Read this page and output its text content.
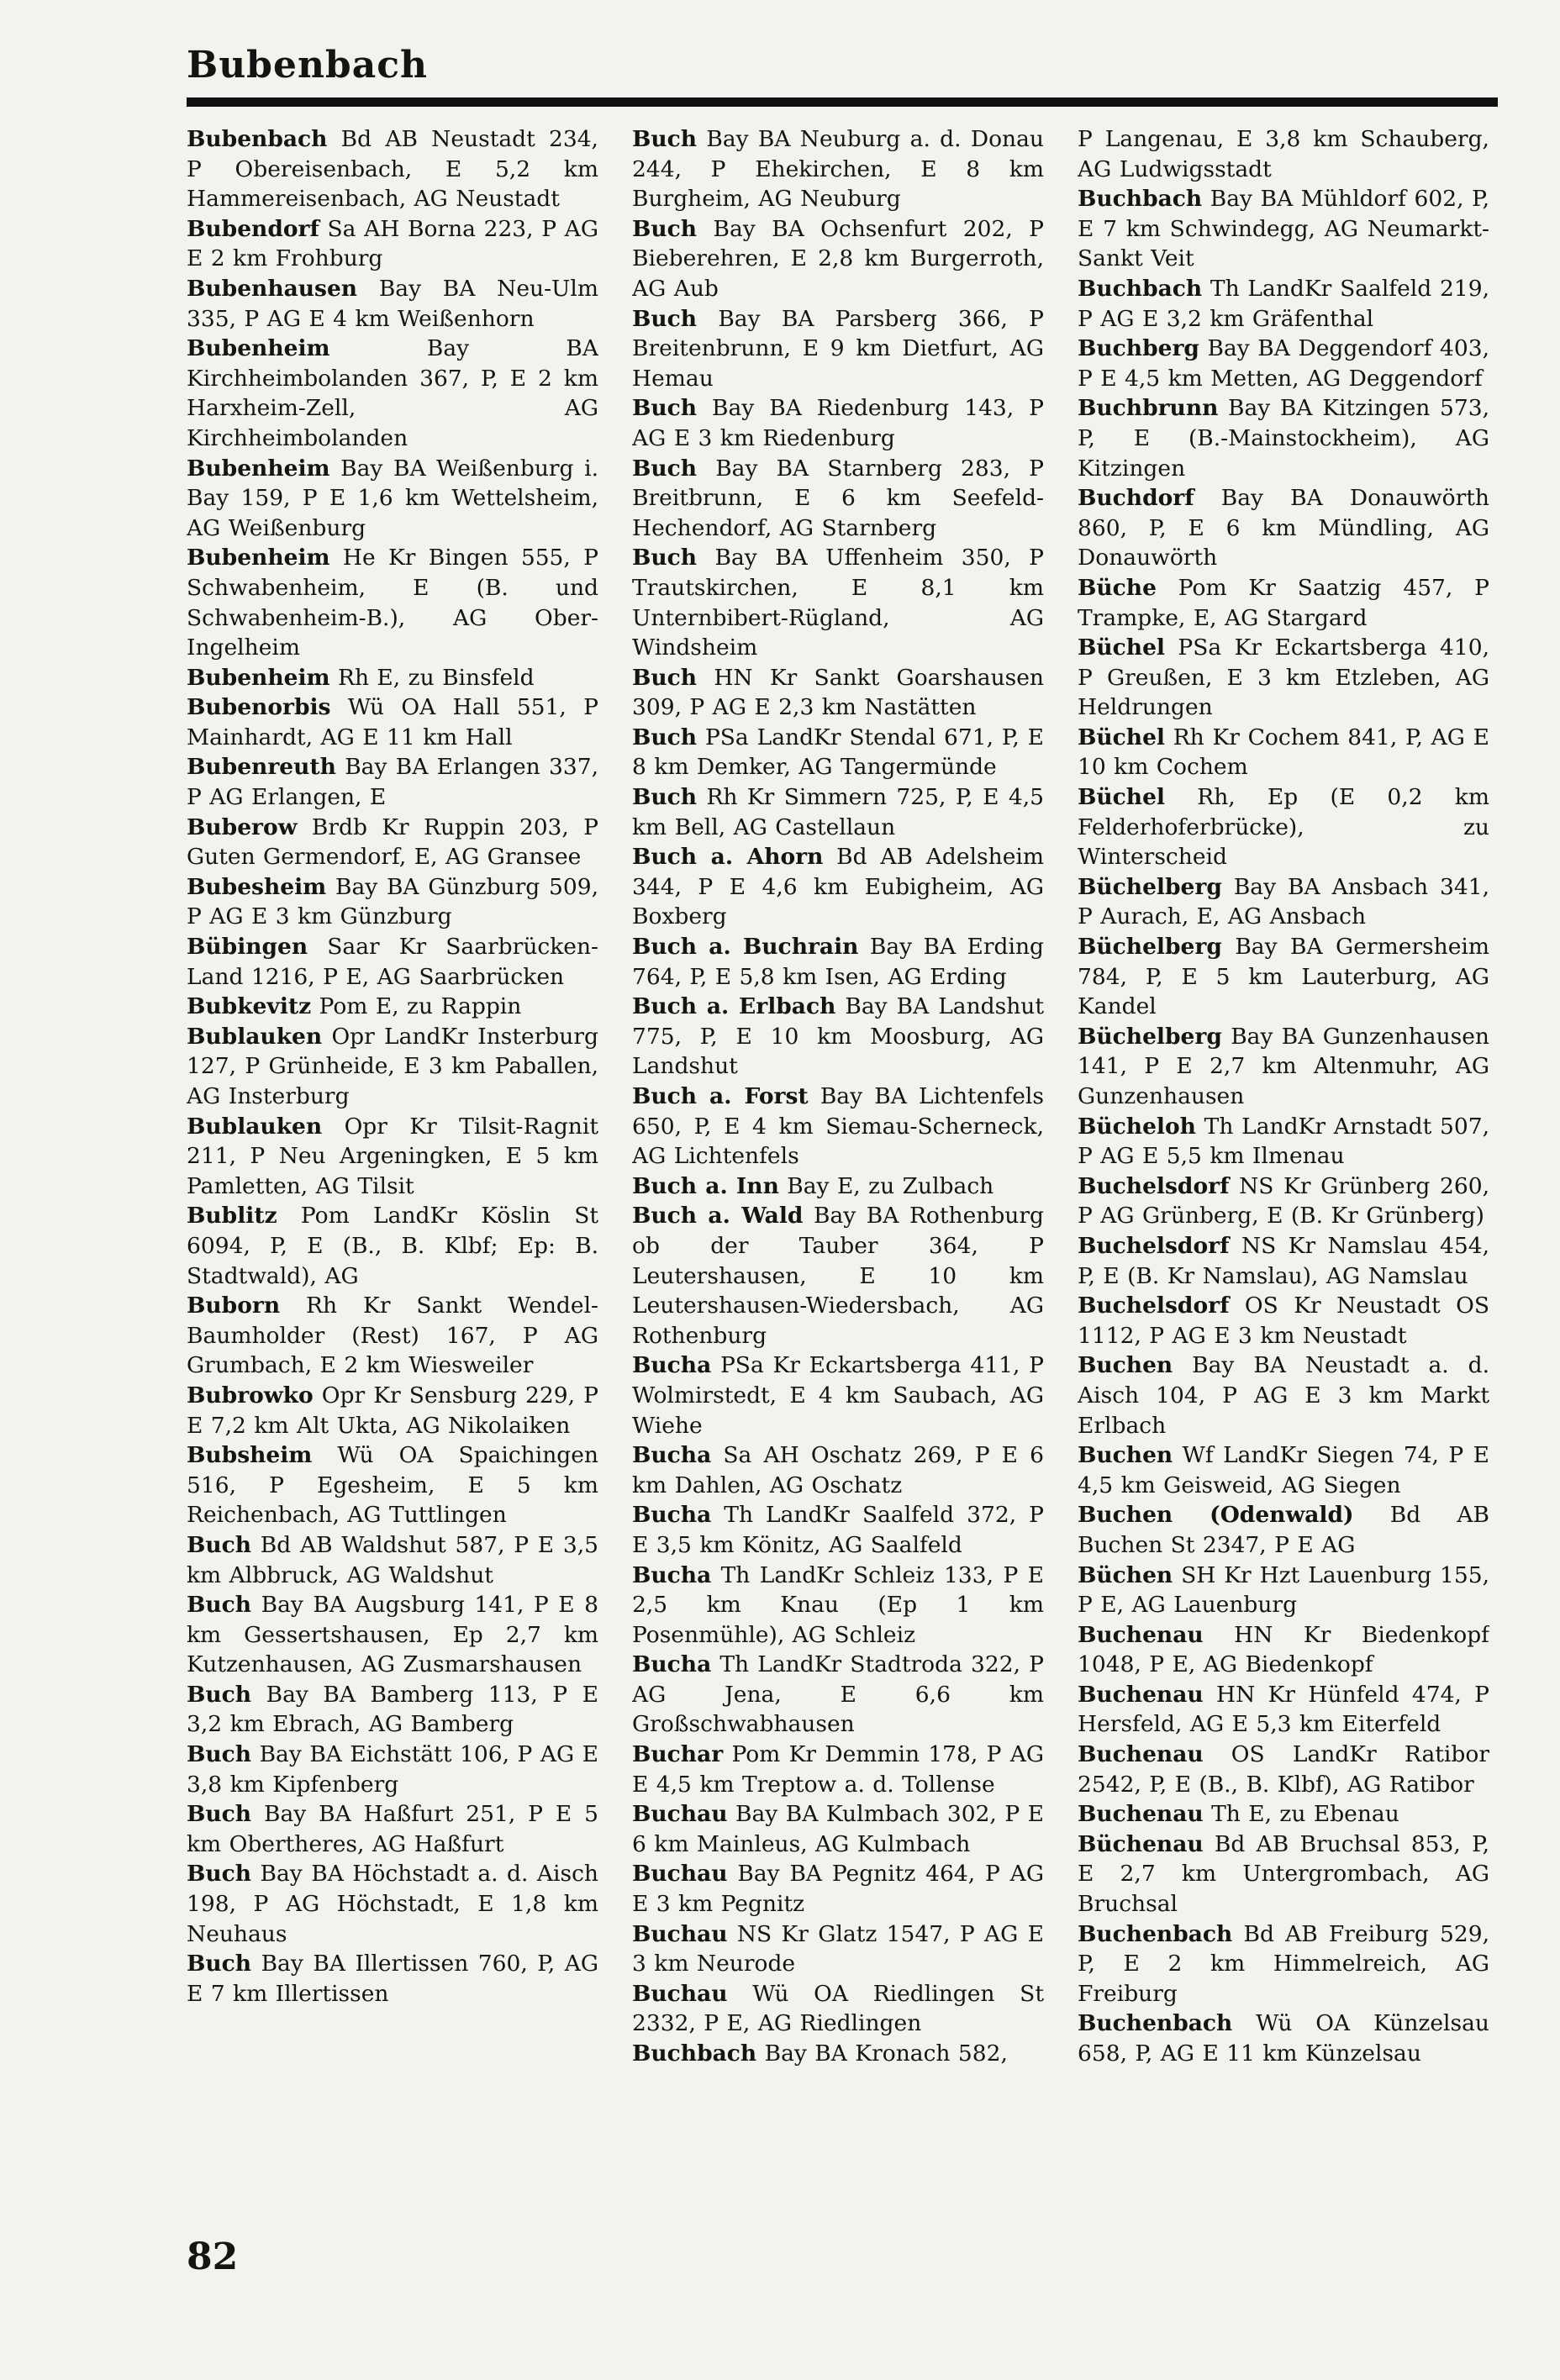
Bubenbach

Bubenbach Bd AB Neustadt 234, P Obereisenbach, E 5,2 km Hammereisenbach, AG Neustadt

Bubendorf Sa AH Borna 223, P AG E 2 km Frohburg

Bubenhausen Bay BA Neu-Ulm 335, P AG E 4 km Weißenhorn

Bubenheim Bay BA Kirchheimbolanden 367, P, E 2 km Harxheim-Zell, AG Kirchheimbolanden

Bubenheim Bay BA Weißenburg i. Bay 159, P E 1,6 km Wettelsheim, AG Weißenburg

Bubenheim He Kr Bingen 555, P Schwabenheim, E (B. und Schwabenheim-B.), AG Ober-Ingelheim

Bubenheim Rh E, zu Binsfeld

Bubenorbis Wü OA Hall 551, P Mainhardt, AG E 11 km Hall

Bubenreuth Bay BA Erlangen 337, P AG Erlangen, E

Buberow Brdb Kr Ruppin 203, P Guten Germendorf, E, AG Gransee

Bubesheim Bay BA Günzburg 509, P AG E 3 km Günzburg

Bübingen Saar Kr Saarbrücken-Land 1216, P E, AG Saarbrücken

Bubkevitz Pom E, zu Rappin

Bublauken Opr LandKr Insterburg 127, P Grünheide, E 3 km Paballen, AG Insterburg

Bublauken Opr Kr Tilsit-Ragnit 211, P Neu Argeningken, E 5 km Pamletten, AG Tilsit

Bublitz Pom LandKr Köslin St 6094, P, E (B., B. Klbf; Ep: B. Stadtwald), AG

Buborn Rh Kr Sankt Wendel-Baumholder (Rest) 167, P AG Grumbach, E 2 km Wiesweiler

Bubrowko Opr Kr Sensburg 229, P E 7,2 km Alt Ukta, AG Nikolaiken

Bubsheim Wü OA Spaichingen 516, P Egesheim, E 5 km Reichenbach, AG Tuttlingen

Buch Bd AB Waldshut 587, P E 3,5 km Albbruck, AG Waldshut

Buch Bay BA Augsburg 141, P E 8 km Gessertshausen, Ep 2,7 km Kutzenhausen, AG Zusmarshausen

Buch Bay BA Bamberg 113, P E 3,2 km Ebrach, AG Bamberg

Buch Bay BA Eichstätt 106, P AG E 3,8 km Kipfenberg

Buch Bay BA Haßfurt 251, P E 5 km Obertheres, AG Haßfurt

Buch Bay BA Höchstadt a. d. Aisch 198, P AG Höchstadt, E 1,8 km Neuhaus

Buch Bay BA Illertissen 760, P, AG E 7 km Illertissen

Buch Bay BA Neuburg a. d. Donau 244, P Ehekirchen, E 8 km Burgheim, AG Neuburg

Buch Bay BA Ochsenfurt 202, P Bieberehren, E 2,8 km Burgerroth, AG Aub

Buch Bay BA Parsberg 366, P Breitenbrunn, E 9 km Dietfurt, AG Hemau

Buch Bay BA Riedenburg 143, P AG E 3 km Riedenburg

Buch Bay BA Starnberg 283, P Breitbrunn, E 6 km Seefeld-Hechendorf, AG Starnberg

Buch Bay BA Uffenheim 350, P Trautskirchen, E 8,1 km Unternbibert-Rügland, AG Windsheim

Buch HN Kr Sankt Goarshausen 309, P AG E 2,3 km Nastätten

Buch PSa LandKr Stendal 671, P, E 8 km Demker, AG Tangermünde

Buch Rh Kr Simmern 725, P, E 4,5 km Bell, AG Castellaun

Buch a. Ahorn Bd AB Adelsheim 344, P E 4,6 km Eubigheim, AG Boxberg

Buch a. Buchrain Bay BA Erding 764, P, E 5,8 km Isen, AG Erding

Buch a. Erlbach Bay BA Landshut 775, P, E 10 km Moosburg, AG Landshut

Buch a. Forst Bay BA Lichtenfels 650, P, E 4 km Siemau-Scherneck, AG Lichtenfels

Buch a. Inn Bay E, zu Zulbach

Buch a. Wald Bay BA Rothenburg ob der Tauber 364, P Leutershausen, E 10 km Leutershausen-Wiedersbach, AG Rothenburg

Bucha PSa Kr Eckartsberga 411, P Wolmirstedt, E 4 km Saubach, AG Wiehe

Bucha Sa AH Oschatz 269, P E 6 km Dahlen, AG Oschatz

Bucha Th LandKr Saalfeld 372, P E 3,5 km Könitz, AG Saalfeld

Bucha Th LandKr Schleiz 133, P E 2,5 km Knau (Ep 1 km Posenmühle), AG Schleiz

Bucha Th LandKr Stadtroda 322, P AG Jena, E 6,6 km Großschwabhausen

Buchar Pom Kr Demmin 178, P AG E 4,5 km Treptow a. d. Tollense

Buchau Bay BA Kulmbach 302, P E 6 km Mainleus, AG Kulmbach

Buchau Bay BA Pegnitz 464, P AG E 3 km Pegnitz

Buchau NS Kr Glatz 1547, P AG E 3 km Neurode

Buchau Wü OA Riedlingen St 2332, P E, AG Riedlingen

Buchbach Bay BA Kronach 582,

P Langenau, E 3,8 km Schauberg, AG Ludwigsstadt

Buchbach Bay BA Mühldorf 602, P, E 7 km Schwindegg, AG Neumarkt-Sankt Veit

Buchbach Th LandKr Saalfeld 219, P AG E 3,2 km Gräfenthal

Buchberg Bay BA Deggendorf 403, P E 4,5 km Metten, AG Deggendorf

Buchbrunn Bay BA Kitzingen 573, P, E (B.-Mainstockheim), AG Kitzingen

Buchdorf Bay BA Donauwörth 860, P, E 6 km Mündling, AG Donauwörth

Büche Pom Kr Saatzig 457, P Trampke, E, AG Stargard

Büchel PSa Kr Eckartsberga 410, P Greußen, E 3 km Etzleben, AG Heldrungen

Büchel Rh Kr Cochem 841, P, AG E 10 km Cochem

Büchel Rh, Ep (E 0,2 km Felderhoferbrücke), zu Winterscheid

Büchelberg Bay BA Ansbach 341, P Aurach, E, AG Ansbach

Büchelberg Bay BA Germersheim 784, P, E 5 km Lauterburg, AG Kandel

Büchelberg Bay BA Gunzenhausen 141, P E 2,7 km Altenmuhr, AG Gunzenhausen

Bücheloh Th LandKr Arnstadt 507, P AG E 5,5 km Ilmenau

Buchelsdorf NS Kr Grünberg 260, P AG Grünberg, E (B. Kr Grünberg)

Buchelsdorf NS Kr Namslau 454, P, E (B. Kr Namslau), AG Namslau

Buchelsdorf OS Kr Neustadt OS 1112, P AG E 3 km Neustadt

Buchen Bay BA Neustadt a. d. Aisch 104, P AG E 3 km Markt Erlbach

Buchen Wf LandKr Siegen 74, P E 4,5 km Geisweid, AG Siegen

Buchen (Odenwald) Bd AB Buchen St 2347, P E AG

Büchen SH Kr Hzt Lauenburg 155, P E, AG Lauenburg

Buchenau HN Kr Biedenkopf 1048, P E, AG Biedenkopf

Buchenau HN Kr Hünfeld 474, P Hersfeld, AG E 5,3 km Eiterfeld

Buchenau OS LandKr Ratibor 2542, P, E (B., B. Klbf), AG Ratibor

Buchenau Th E, zu Ebenau

Büchenau Bd AB Bruchsal 853, P, E 2,7 km Untergrombach, AG Bruchsal

Buchenbach Bd AB Freiburg 529, P, E 2 km Himmelreich, AG Freiburg

Buchenbach Wü OA Künzelsau 658, P, AG E 11 km Künzelsau

82
